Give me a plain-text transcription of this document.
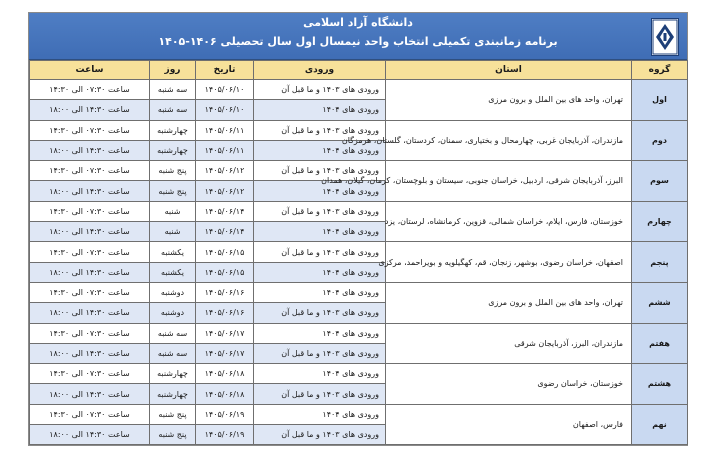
دانشگاه آزاد اسلامی
برنامه زمانبندی تکمیلی انتخاب واحد نیمسال اول سال تحصیلی ۱۴۰۶-۱۴۰۵
گروه	استان	ورودی	تاریخ	روز	ساعت
اول	تهران، واحد های بین الملل و برون مرزی	ورودی های ۱۴۰۳ و ما قبل آن	۱۴۰۵/۰۶/۱۰	سه شنبه	ساعت ۰۷:۳۰ الی ۱۴:۳۰
		ورودی های ۱۴۰۴	۱۴۰۵/۰۶/۱۰	سه شنبه	ساعت ۱۴:۳۰ الی ۱۸:۰۰
دوم	مازندران، آذربایجان غربی، چهارمحال و بختیاری، سمنان، کردستان، گلستان، هرمزگان	ورودی های ۱۴۰۳ و ما قبل آن	۱۴۰۵/۰۶/۱۱	چهارشنبه	ساعت ۰۷:۳۰ الی ۱۴:۳۰
		ورودی های ۱۴۰۴	۱۴۰۵/۰۶/۱۱	چهارشنبه	ساعت ۱۴:۳۰ الی ۱۸:۰۰
سوم	البرز، آذربایجان شرقی، اردبیل، خراسان جنوبی، سیستان و بلوچستان، کرمان، گیلان، همدان	ورودی های ۱۴۰۳ و ما قبل آن	۱۴۰۵/۰۶/۱۲	پنج شنبه	ساعت ۰۷:۳۰ الی ۱۴:۳۰
		ورودی های ۱۴۰۴	۱۴۰۵/۰۶/۱۲	پنج شنبه	ساعت ۱۴:۳۰ الی ۱۸:۰۰
چهارم	خوزستان، فارس، ایلام، خراسان شمالی، قزوین، کرمانشاه، لرستان، یزد	ورودی های ۱۴۰۳ و ما قبل آن	۱۴۰۵/۰۶/۱۴	شنبه	ساعت ۰۷:۳۰ الی ۱۴:۳۰
		ورودی های ۱۴۰۴	۱۴۰۵/۰۶/۱۴	شنبه	ساعت ۱۴:۳۰ الی ۱۸:۰۰
پنجم	اصفهان، خراسان رضوی، بوشهر، زنجان، قم، کهگیلویه و بویراحمد، مرکزی	ورودی های ۱۴۰۳ و ما قبل آن	۱۴۰۵/۰۶/۱۵	یکشنبه	ساعت ۰۷:۳۰ الی ۱۴:۳۰
		ورودی های ۱۴۰۴	۱۴۰۵/۰۶/۱۵	یکشنبه	ساعت ۱۴:۳۰ الی ۱۸:۰۰
ششم	تهران، واحد های بین الملل و برون مرزی	ورودی های ۱۴۰۴	۱۴۰۵/۰۶/۱۶	دوشنبه	ساعت ۰۷:۳۰ الی ۱۴:۳۰
		ورودی های ۱۴۰۳ و ما قبل آن	۱۴۰۵/۰۶/۱۶	دوشنبه	ساعت ۱۴:۳۰ الی ۱۸:۰۰
هفتم	مازندران، البرز، آذربایجان شرقی	ورودی های ۱۴۰۴	۱۴۰۵/۰۶/۱۷	سه شنبه	ساعت ۰۷:۳۰ الی ۱۴:۳۰
		ورودی های ۱۴۰۳ و ما قبل آن	۱۴۰۵/۰۶/۱۷	سه شنبه	ساعت ۱۴:۳۰ الی ۱۸:۰۰
هشتم	خوزستان، خراسان رضوی	ورودی های ۱۴۰۴	۱۴۰۵/۰۶/۱۸	چهارشنبه	ساعت ۰۷:۳۰ الی ۱۴:۳۰
		ورودی های ۱۴۰۳ و ما قبل آن	۱۴۰۵/۰۶/۱۸	چهارشنبه	ساعت ۱۴:۳۰ الی ۱۸:۰۰
نهم	فارس، اصفهان	ورودی های ۱۴۰۴	۱۴۰۵/۰۶/۱۹	پنج شنبه	ساعت ۰۷:۳۰ الی ۱۴:۳۰
		ورودی های ۱۴۰۳ و ما قبل آن	۱۴۰۵/۰۶/۱۹	پنج شنبه	ساعت ۱۴:۳۰ الی ۱۸:۰۰
